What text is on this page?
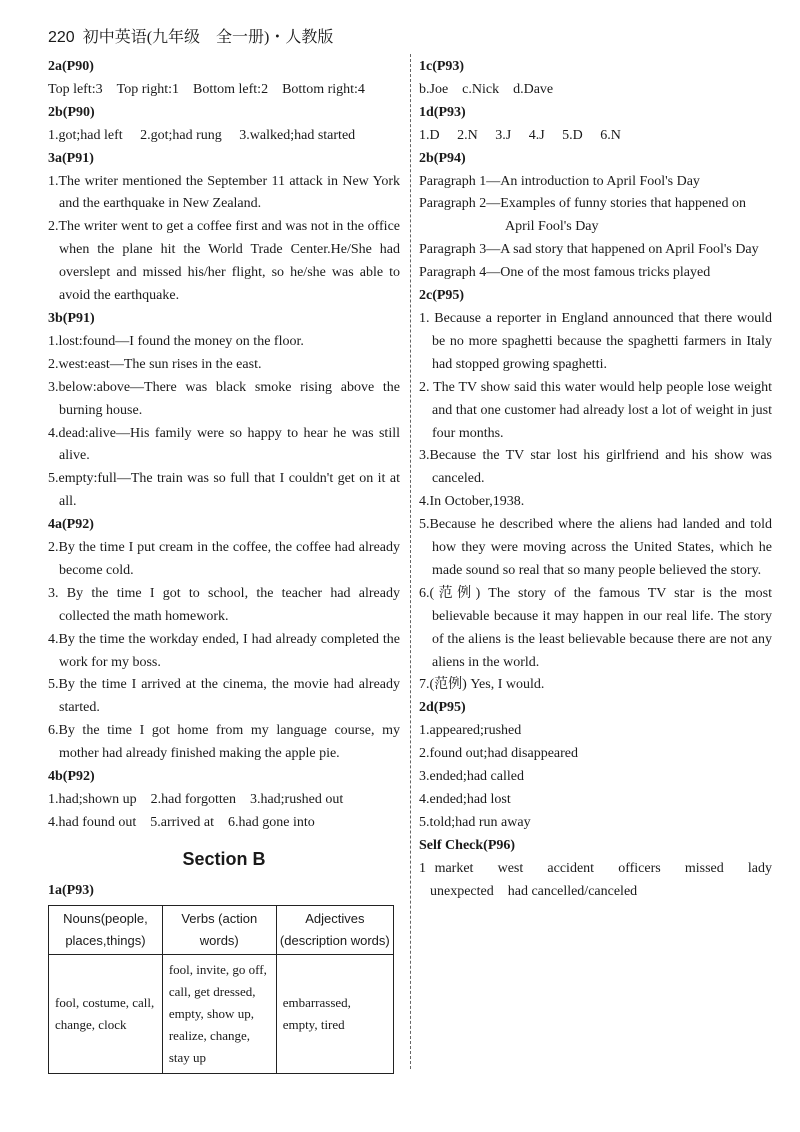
220 初中英语(九年级　全一册)・人教版
2a(P90)
Top left:3　Top right:1　Bottom left:2　Bottom right:4
2b(P90)
1.got;had left　 2.got;had rung　 3.walked;had started
3a(P91)
1.The writer mentioned the September 11 attack in New York and the earthquake in New Zealand.
2.The writer went to get a coffee first and was not in the office when the plane hit the World Trade Center.He/She had overslept and missed his/her flight, so he/she was able to avoid the earthquake.
3b(P91)
1.lost:found—I found the money on the floor.
2.west:east—The sun rises in the east.
3.below:above—There was black smoke rising above the burning house.
4.dead:alive—His family were so happy to hear he was still alive.
5.empty:full—The train was so full that I couldn't get on it at all.
4a(P92)
2.By the time I put cream in the coffee, the coffee had already become cold.
3. By the time I got to school, the teacher had already collected the math homework.
4.By the time the workday ended, I had already completed the work for my boss.
5.By the time I arrived at the cinema, the movie had already started.
6.By the time I got home from my language course, my mother had already finished making the apple pie.
4b(P92)
1.had;shown up　2.had forgotten　3.had;rushed out
4.had found out　5.arrived at　6.had gone into
Section B
1a(P93)
Nouns(people, places,things)	Verbs (action words)	Adjectives (description words)
fool, costume, call, change, clock	fool, invite, go off, call, get dressed, empty, show up, realize, change, stay up	embarrassed, empty, tired
1c(P93)
b.Joe　c.Nick　d.Dave
1d(P93)
1.D 2.N 3.J 4.J 5.D 6.N
2b(P94)
Paragraph 1—An introduction to April Fool's Day
Paragraph 2—Examples of funny stories that happened on April Fool's Day
Paragraph 3—A sad story that happened on April Fool's Day
Paragraph 4—One of the most famous tricks played
2c(P95)
1. Because a reporter in England announced that there would be no more spaghetti because the spaghetti farmers in Italy had stopped growing spaghetti.
2. The TV show said this water would help people lose weight and that one customer had already lost a lot of weight in just four months.
3.Because the TV star lost his girlfriend and his show was canceled.
4.In October,1938.
5.Because he described where the aliens had landed and told how they were moving across the United States, which he made sound so real that so many people believed the story.
6.(范例) The story of the famous TV star is the most believable because it may happen in our real life. The story of the aliens is the least believable because there are not any aliens in the world.
7.(范例) Yes, I would.
2d(P95)
1.appeared;rushed
2.found out;had disappeared
3.ended;had called
4.ended;had lost
5.told;had run away
Self Check(P96)
1 market　west　accident　officers　missed　lady unexpected　had cancelled/canceled
